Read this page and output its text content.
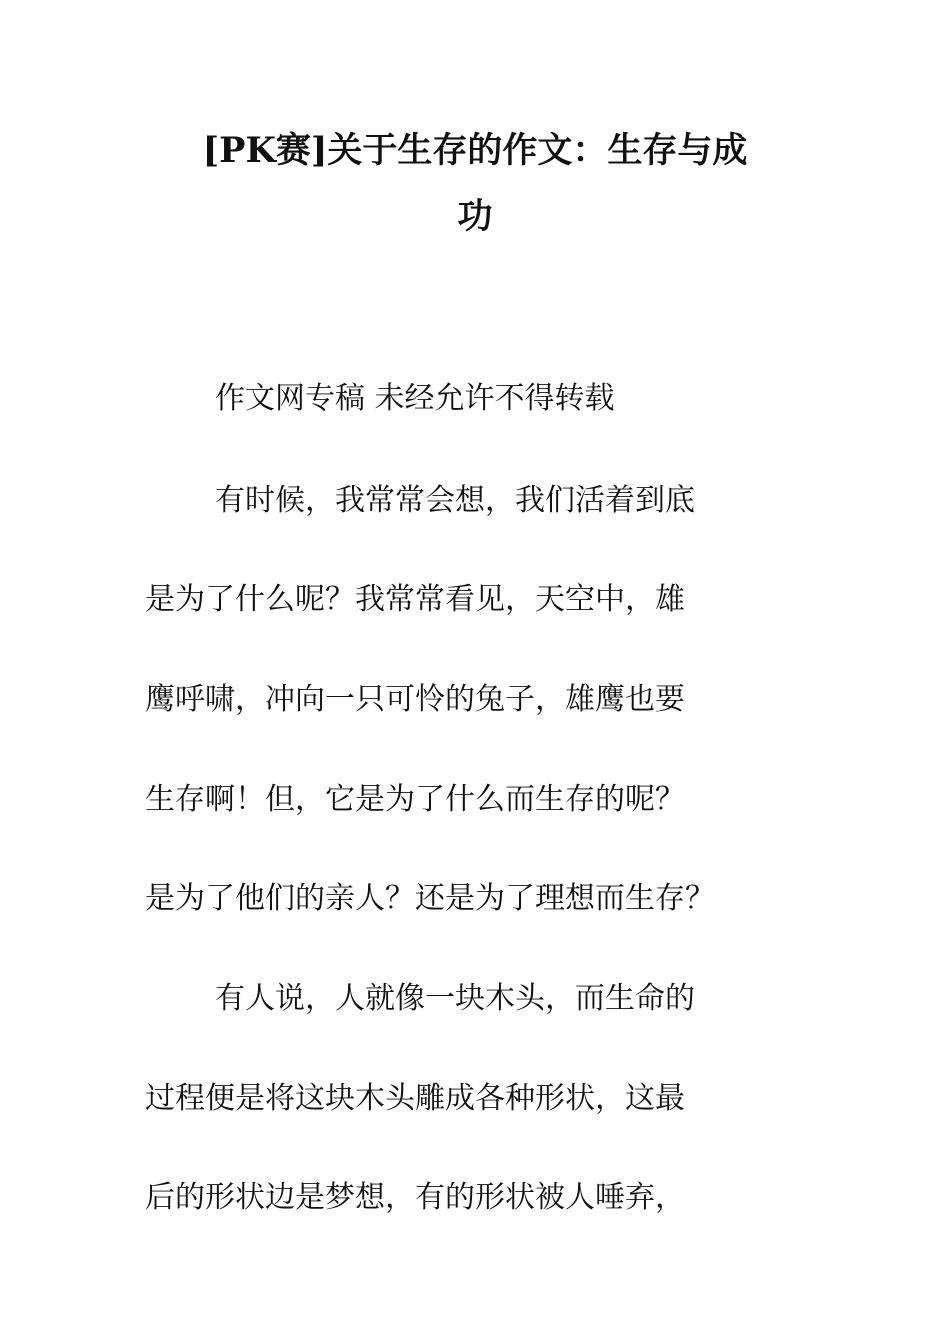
[PK赛]关于生存的作文：生存与成
功
作文网专稿 未经允许不得转载
有时候，我常常会想，我们活着到底
是为了什么呢？我常常看见，天空中，雄
鹰呼啸，冲向一只可怜的兔子，雄鹰也要
生存啊！但，它是为了什么而生存的呢？
是为了他们的亲人？还是为了理想而生存？
有人说，人就像一块木头，而生命的
过程便是将这块木头雕成各种形状，这最
后的形状边是梦想，有的形状被人唾弃，
